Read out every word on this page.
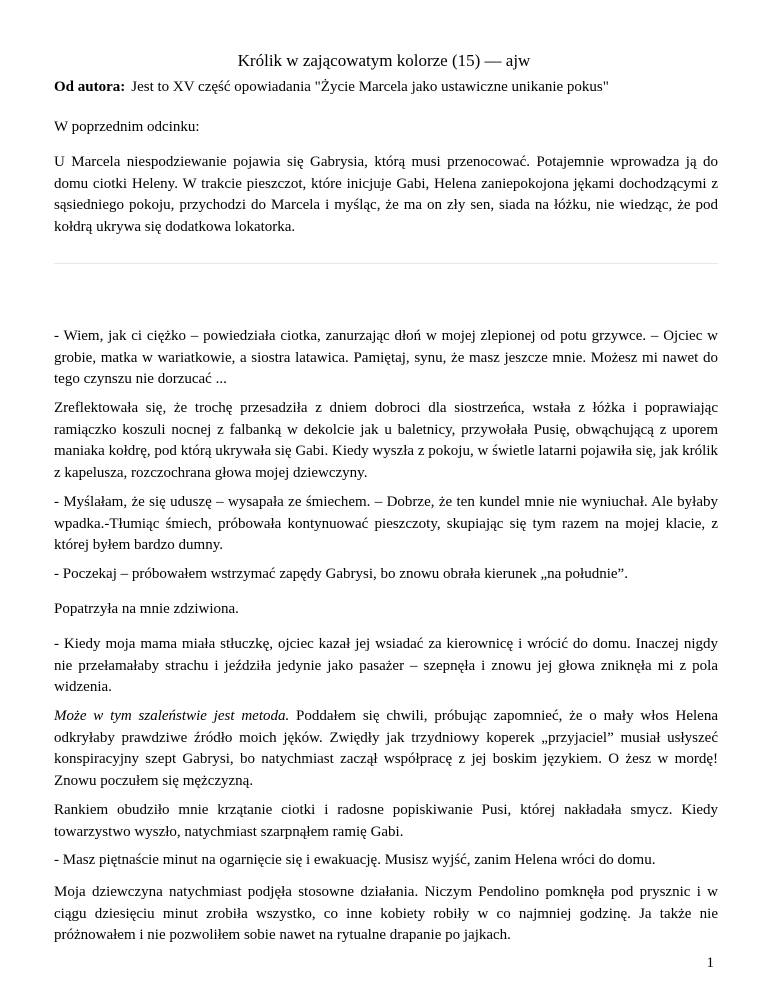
Królik w zającowatym kolorze (15) — ajw

Od autora: Jest to XV część opowiadania "Życie Marcela jako ustawiczne unikanie pokus"

W poprzednim odcinku:

U Marcela niespodziewanie pojawia się Gabrysia, którą musi przenocować. Potajemnie wprowadza ją do domu ciotki Heleny. W trakcie pieszczot, które inicjuje Gabi, Helena zaniepokojona jękami dochodzącymi z sąsiedniego pokoju, przychodzi do Marcela i myśląc, że ma on zły sen, siada na łóżku, nie wiedząc, że pod kołdrą ukrywa się dodatkowa lokatorka.

- Wiem, jak ci ciężko – powiedziała ciotka, zanurzając dłoń w mojej zlepionej od potu grzywce. – Ojciec w grobie, matka w wariatkowie, a siostra latawica. Pamiętaj, synu, że masz jeszcze mnie. Możesz mi nawet do tego czynszu nie dorzucać ...

Zreflektowała się, że trochę przesadziła z dniem dobroci dla siostrzeńca, wstała z łóżka i poprawiając ramiączko koszuli nocnej z falbanką w dekolcie jak u baletnicy, przywołała Pusię, obwąchującą z uporem maniaka kołdrę, pod którą ukrywała się Gabi. Kiedy wyszła z pokoju, w świetle latarni pojawiła się, jak królik z kapelusza, rozczochrana głowa mojej dziewczyny.

- Myślałam, że się uduszę – wysapała ze śmiechem. – Dobrze, że ten kundel mnie nie wyniuchał. Ale byłaby wpadka.-Tłumiąc śmiech, próbowała kontynuować pieszczoty, skupiając się tym razem na mojej klacie, z której byłem bardzo dumny.

- Poczekaj – próbowałem wstrzymać zapędy Gabrysi, bo znowu obrała kierunek „na południe”.

Popatrzyła na mnie zdziwiona.

- Kiedy moja mama miała stłuczkę, ojciec kazał jej wsiadać za kierownicę i wrócić do domu. Inaczej nigdy nie przełamałaby strachu i jeździła jedynie jako pasażer – szepnęła i znowu jej głowa zniknęła mi z pola widzenia.

Może w tym szaleństwie jest metoda. Poddałem się chwili, próbując zapomnieć, że o mały włos Helena odkryłaby prawdziwe źródło moich jęków. Zwiędły jak trzydniowy koperek „przyjaciel” musiał usłyszeć konspiracyjny szept Gabrysi, bo natychmiast zaczął współpracę z jej boskim językiem. O żesz w mordę! Znowu poczułem się mężczyzną.

Rankiem obudziło mnie krzątanie ciotki i radosne popiskiwanie Pusi, której nakładała smycz. Kiedy towarzystwo wyszło, natychmiast szarpnąłem ramię Gabi.

- Masz piętnaście minut na ogarnięcie się i ewakuację. Musisz wyjść, zanim Helena wróci do domu.

Moja dziewczyna natychmiast podjęła stosowne działania. Niczym Pendolino pomknęła pod prysznic i w ciągu dziesięciu minut zrobiła wszystko, co inne kobiety robiły w co najmniej godzinę. Ja także nie próżnowałem i nie pozwoliłem sobie nawet na rytualne drapanie po jajkach.

1
